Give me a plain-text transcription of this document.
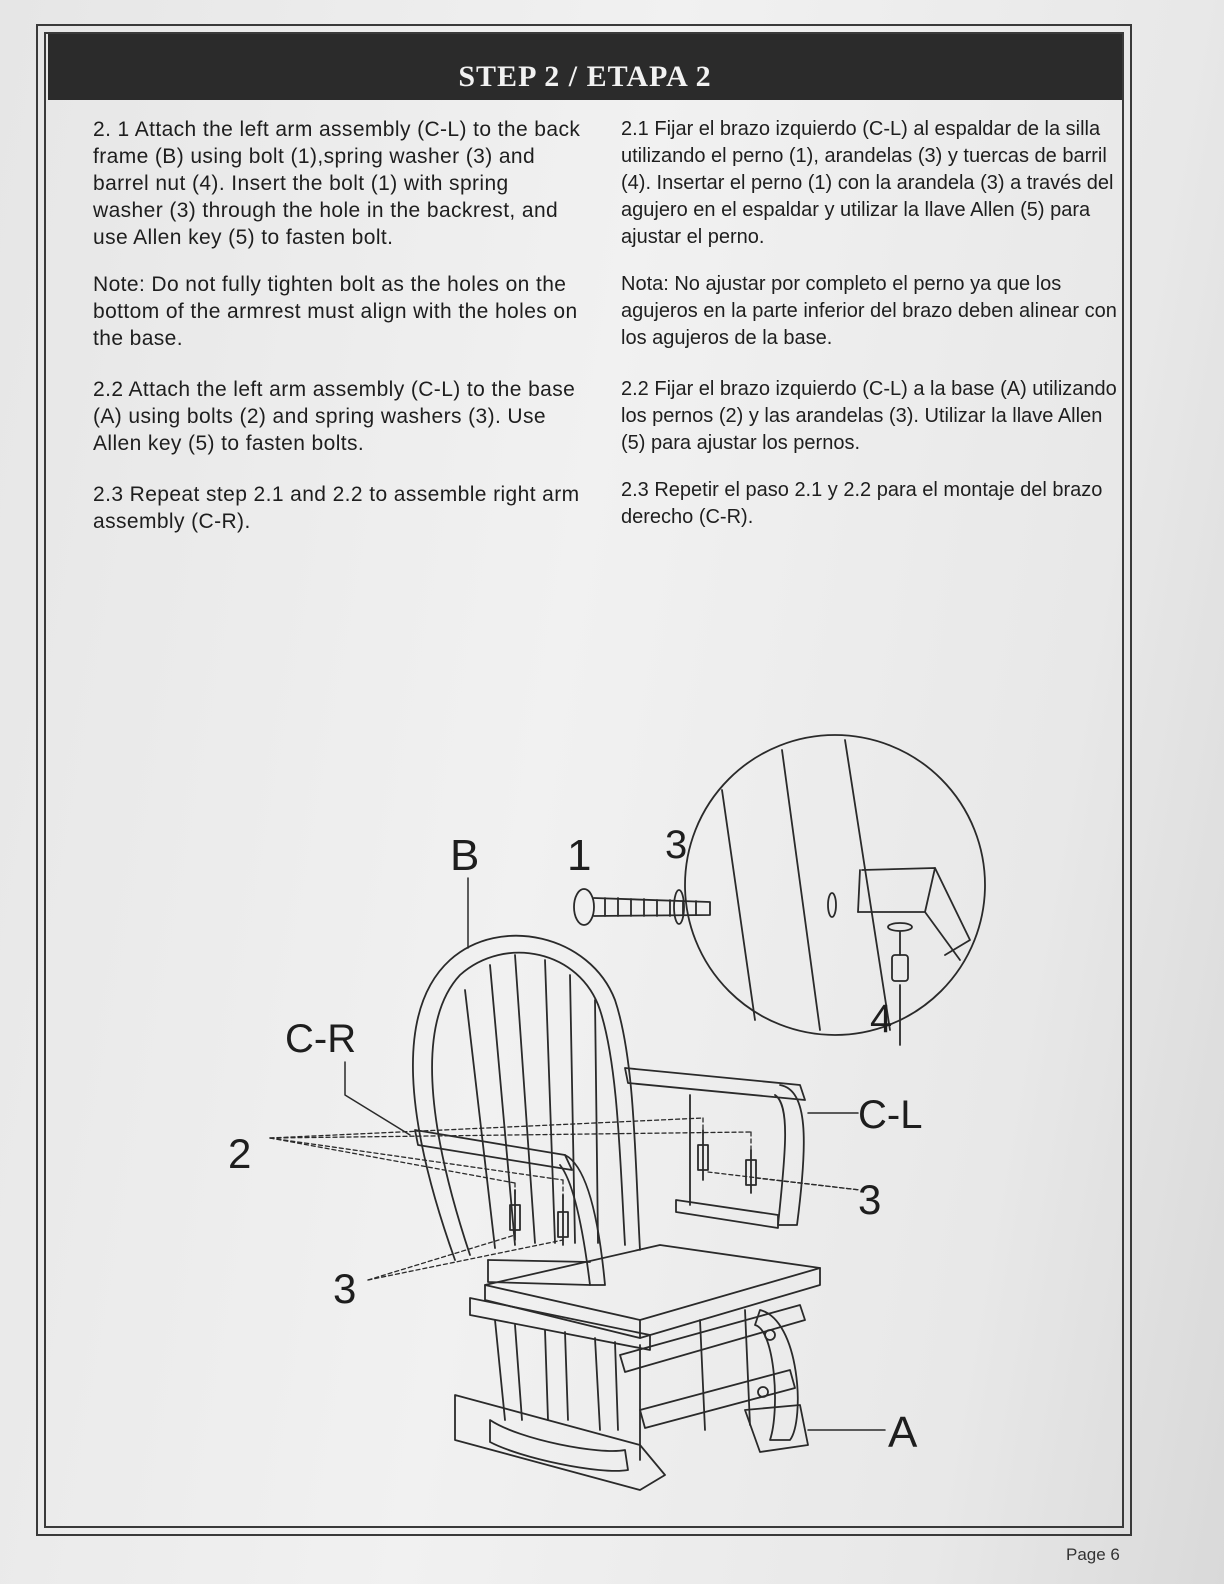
STEP 2 / ETAPA 2

2. 1 Attach the left arm assembly (C-L) to the back frame (B) using bolt (1),spring washer (3) and barrel nut (4). Insert the bolt (1) with spring washer (3) through the hole in the backrest, and use Allen key (5) to fasten bolt.

Note: Do not fully tighten bolt as the holes on the bottom of the armrest must align with the holes on the base.

2.2 Attach the left arm assembly (C-L) to the base (A) using bolts (2) and spring washers (3). Use Allen key (5) to fasten bolts.

2.3 Repeat step 2.1 and 2.2 to assemble right arm assembly (C-R).

2.1 Fijar el brazo izquierdo (C-L) al espaldar de la silla utilizando el perno (1), arandelas (3) y tuercas de barril (4). Insertar el perno (1) con la arandela (3) a través del agujero en el espaldar y utilizar la llave Allen (5) para ajustar el perno.

Nota: No ajustar por completo el perno ya que los agujeros en la parte inferior del brazo deben alinear con los agujeros de la base.

2.2 Fijar el brazo izquierdo (C-L) a la base (A) utilizando los pernos (2) y las arandelas (3). Utilizar la llave Allen (5) para ajustar los pernos.

2.3 Repetir el paso 2.1 y 2.2 para el montaje del brazo derecho (C-R).

B 1 3
4
C-R
C-L
2
3
3
A
Page 6
